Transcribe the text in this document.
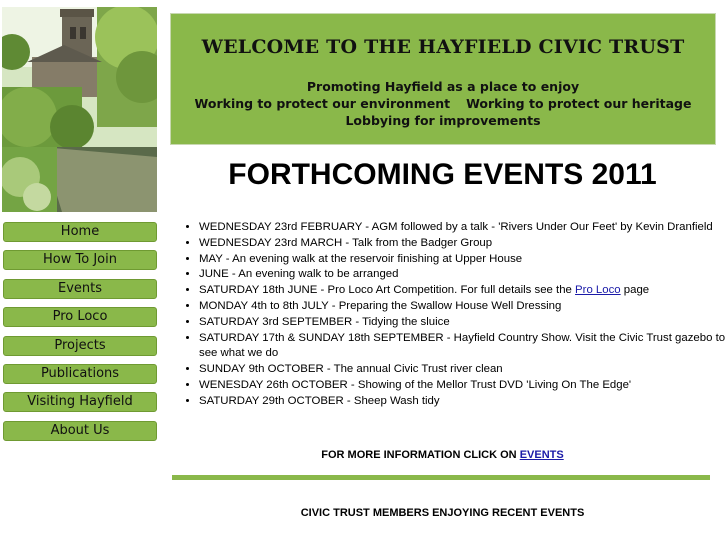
Home
How To Join
Events
Pro Loco
Projects
Publications
Visiting Hayfield
About Us
WELCOME TO THE HAYFIELD CIVIC TRUST
Promoting Hayfield as a place to enjoy
Working to protect our environment Working to protect our heritage
Lobbying for improvements
FORTHCOMING EVENTS 2011
• WEDNESDAY 23rd FEBRUARY - AGM followed by a talk - 'Rivers Under Our Feet' by Kevin Dranfield
• WEDNESDAY 23rd MARCH - Talk from the Badger Group
• MAY - An evening walk at the reservoir finishing at Upper House
• JUNE - An evening walk to be arranged
• SATURDAY 18th JUNE - Pro Loco Art Competition. For full details see the Pro Loco page
• MONDAY 4th to 8th JULY - Preparing the Swallow House Well Dressing
• SATURDAY 3rd SEPTEMBER - Tidying the sluice
• SATURDAY 17th & SUNDAY 18th SEPTEMBER - Hayfield Country Show. Visit the Civic Trust gazebo to see what we do
• SUNDAY 9th OCTOBER - The annual Civic Trust river clean
• WENESDAY 26th OCTOBER - Showing of the Mellor Trust DVD 'Living On The Edge'
• SATURDAY 29th OCTOBER - Sheep Wash tidy
FOR MORE INFORMATION CLICK ON EVENTS
CIVIC TRUST MEMBERS ENJOYING RECENT EVENTS
